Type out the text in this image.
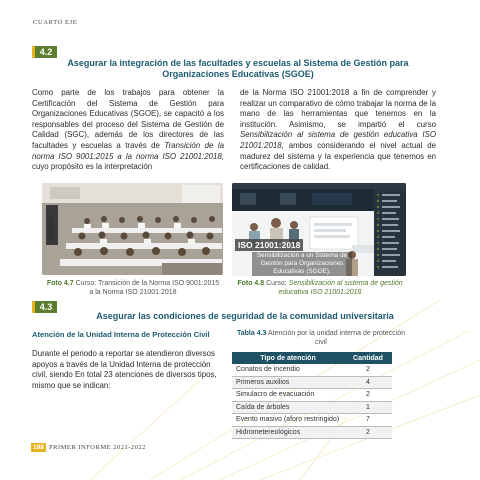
CUARTO EJE
4.2
Asegurar la integración de las facultades y escuelas al Sistema de Gestión para
Organizaciones Educativas (SGOE)
Como parte de los trabajos para obtener la Certificación del Sistema de Gestión para Organizaciones Educativas (SGOE), se capacitó a los responsables del proceso del Sistema de Gestión de Calidad (SGC), además de los directores de las facultades y escuelas a través de Transición de la norma ISO 9001:2015 a la norma ISO 21001:2018, cuyo propósito es la interpretación
de la Norma ISO 21001:2018 a fin de comprender y realizar un comparativo de cómo trabajar la norma de la mano de las herramientas que tenemos en la institución. Asimismo, se impartió el curso Sensibilización al sistema de gestión educativa ISO 21001:2018, ambos considerando el nivel actual de madurez del sistema y la experiencia que tenemos en certificaciones de calidad.
ISO 21001:2018
Sensibilización a un Sistema de Gestión para Organizaciones Educativas (SGOE).
Foto 4.7 Curso: Transición de la Norma ISO 9001:2015 a la Norma ISO 21001:2018
Foto 4.8 Curso: Sensibilización al sistema de gestión educativa ISO 21001:2018
4.3
Asegurar las condiciones de seguridad de la comunidad universitaria
Atención de la Unidad Interna de Protección Civil
Durante el periodo a reportar se atendieron diversos apoyos a través de la Unidad Interna de protección civil, siendo En total 23 atenciones de diversos tipos, mismo que se indican:
Tabla 4.3 Atención por la unidad interna de protección civil
Tipo de atención	Cantidad
Conatos de incendio	2
Primeros auxilios	4
Simulacro de evacuación	2
Caída de árboles	1
Evento masivo (aforo restringido)	7
Hidrometereológicos	2
198 PRIMER INFORME 2021-2022
